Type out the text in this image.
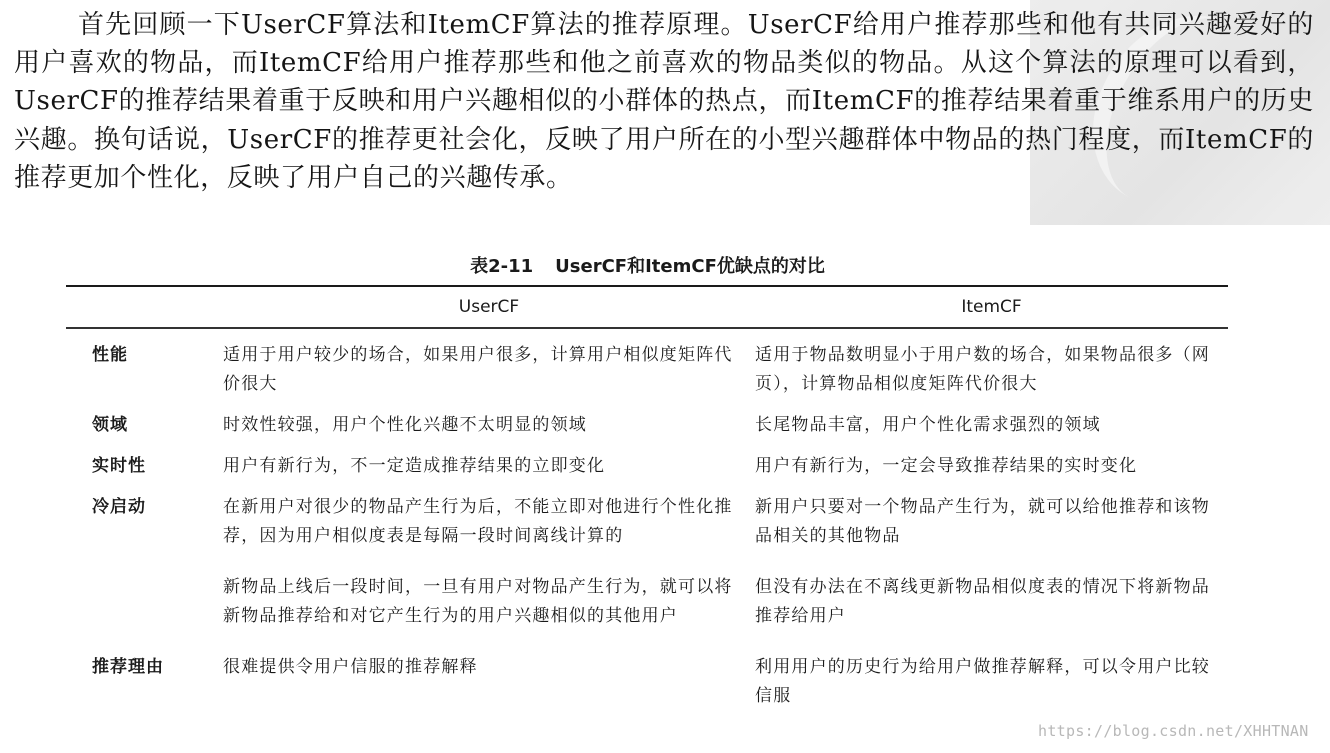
首先回顾一下UserCF算法和ItemCF算法的推荐原理。UserCF给用户推荐那些和他有共同兴趣爱好的用户喜欢的物品，而ItemCF给用户推荐那些和他之前喜欢的物品类似的物品。从这个算法的原理可以看到，UserCF的推荐结果着重于反映和用户兴趣相似的小群体的热点，而ItemCF的推荐结果着重于维系用户的历史兴趣。换句话说，UserCF的推荐更社会化，反映了用户所在的小型兴趣群体中物品的热门程度，而ItemCF的推荐更加个性化，反映了用户自己的兴趣传承。

表2-11 UserCF和ItemCF优缺点的对比
	UserCF	ItemCF
性能	适用于用户较少的场合，如果用户很多，计算用户相似度矩阵代价很大	适用于物品数明显小于用户数的场合，如果物品很多（网页），计算物品相似度矩阵代价很大
领域	时效性较强，用户个性化兴趣不太明显的领域	长尾物品丰富，用户个性化需求强烈的领域
实时性	用户有新行为，不一定造成推荐结果的立即变化	用户有新行为，一定会导致推荐结果的实时变化
冷启动	在新用户对很少的物品产生行为后，不能立即对他进行个性化推荐，因为用户相似度表是每隔一段时间离线计算的	新用户只要对一个物品产生行为，就可以给他推荐和该物品相关的其他物品
	新物品上线后一段时间，一旦有用户对物品产生行为，就可以将新物品推荐给和对它产生行为的用户兴趣相似的其他用户	但没有办法在不离线更新物品相似度表的情况下将新物品推荐给用户
推荐理由	很难提供令用户信服的推荐解释	利用用户的历史行为给用户做推荐解释，可以令用户比较信服
https://blog.csdn.net/XHHTNAN
